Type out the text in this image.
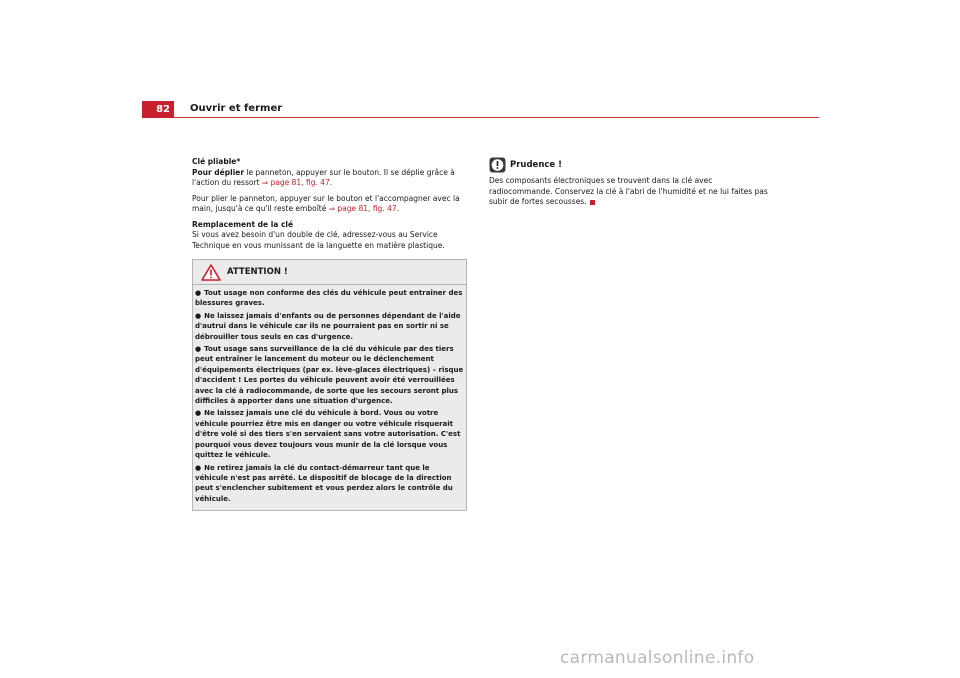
82	Ouvrir et fermer

Clé pliable*

Pour déplier le panneton, appuyer sur le bouton. Il se déplie grâce à l'action du ressort ⇒ page 81, fig. 47.

Pour plier le panneton, appuyer sur le bouton et l'accompagner avec la main, jusqu'à ce qu'il reste emboîté ⇒ page 81, fig. 47.

Remplacement de la clé

Si vous avez besoin d'un double de clé, adressez-vous au Service Technique en vous munissant de la languette en matière plastique.

ATTENTION !
● Tout usage non conforme des clés du véhicule peut entraîner des blessures graves.
● Ne laissez jamais d'enfants ou de personnes dépendant de l'aide d'autrui dans le véhicule car ils ne pourraient pas en sortir ni se débrouiller tous seuls en cas d'urgence.
● Tout usage sans surveillance de la clé du véhicule par des tiers peut entraîner le lancement du moteur ou le déclenchement d'équipements électriques (par ex. lève-glaces électriques) – risque d'accident ! Les portes du véhicule peuvent avoir été verrouillées avec la clé à radiocommande, de sorte que les secours seront plus difficiles à apporter dans une situation d'urgence.
● Ne laissez jamais une clé du véhicule à bord. Vous ou votre véhicule pourriez être mis en danger ou votre véhicule risquerait d'être volé si des tiers s'en servaient sans votre autorisation. C'est pourquoi vous devez toujours vous munir de la clé lorsque vous quittez le véhicule.
● Ne retirez jamais la clé du contact-démarreur tant que le véhicule n'est pas arrêté. Le dispositif de blocage de la direction peut s'enclencher subitement et vous perdez alors le contrôle du véhicule.
Prudence !

Des composants électroniques se trouvent dans la clé avec radiocommande. Conservez la clé à l'abri de l'humidité et ne lui faites pas subir de fortes secousses.

carmanualsonline.info
